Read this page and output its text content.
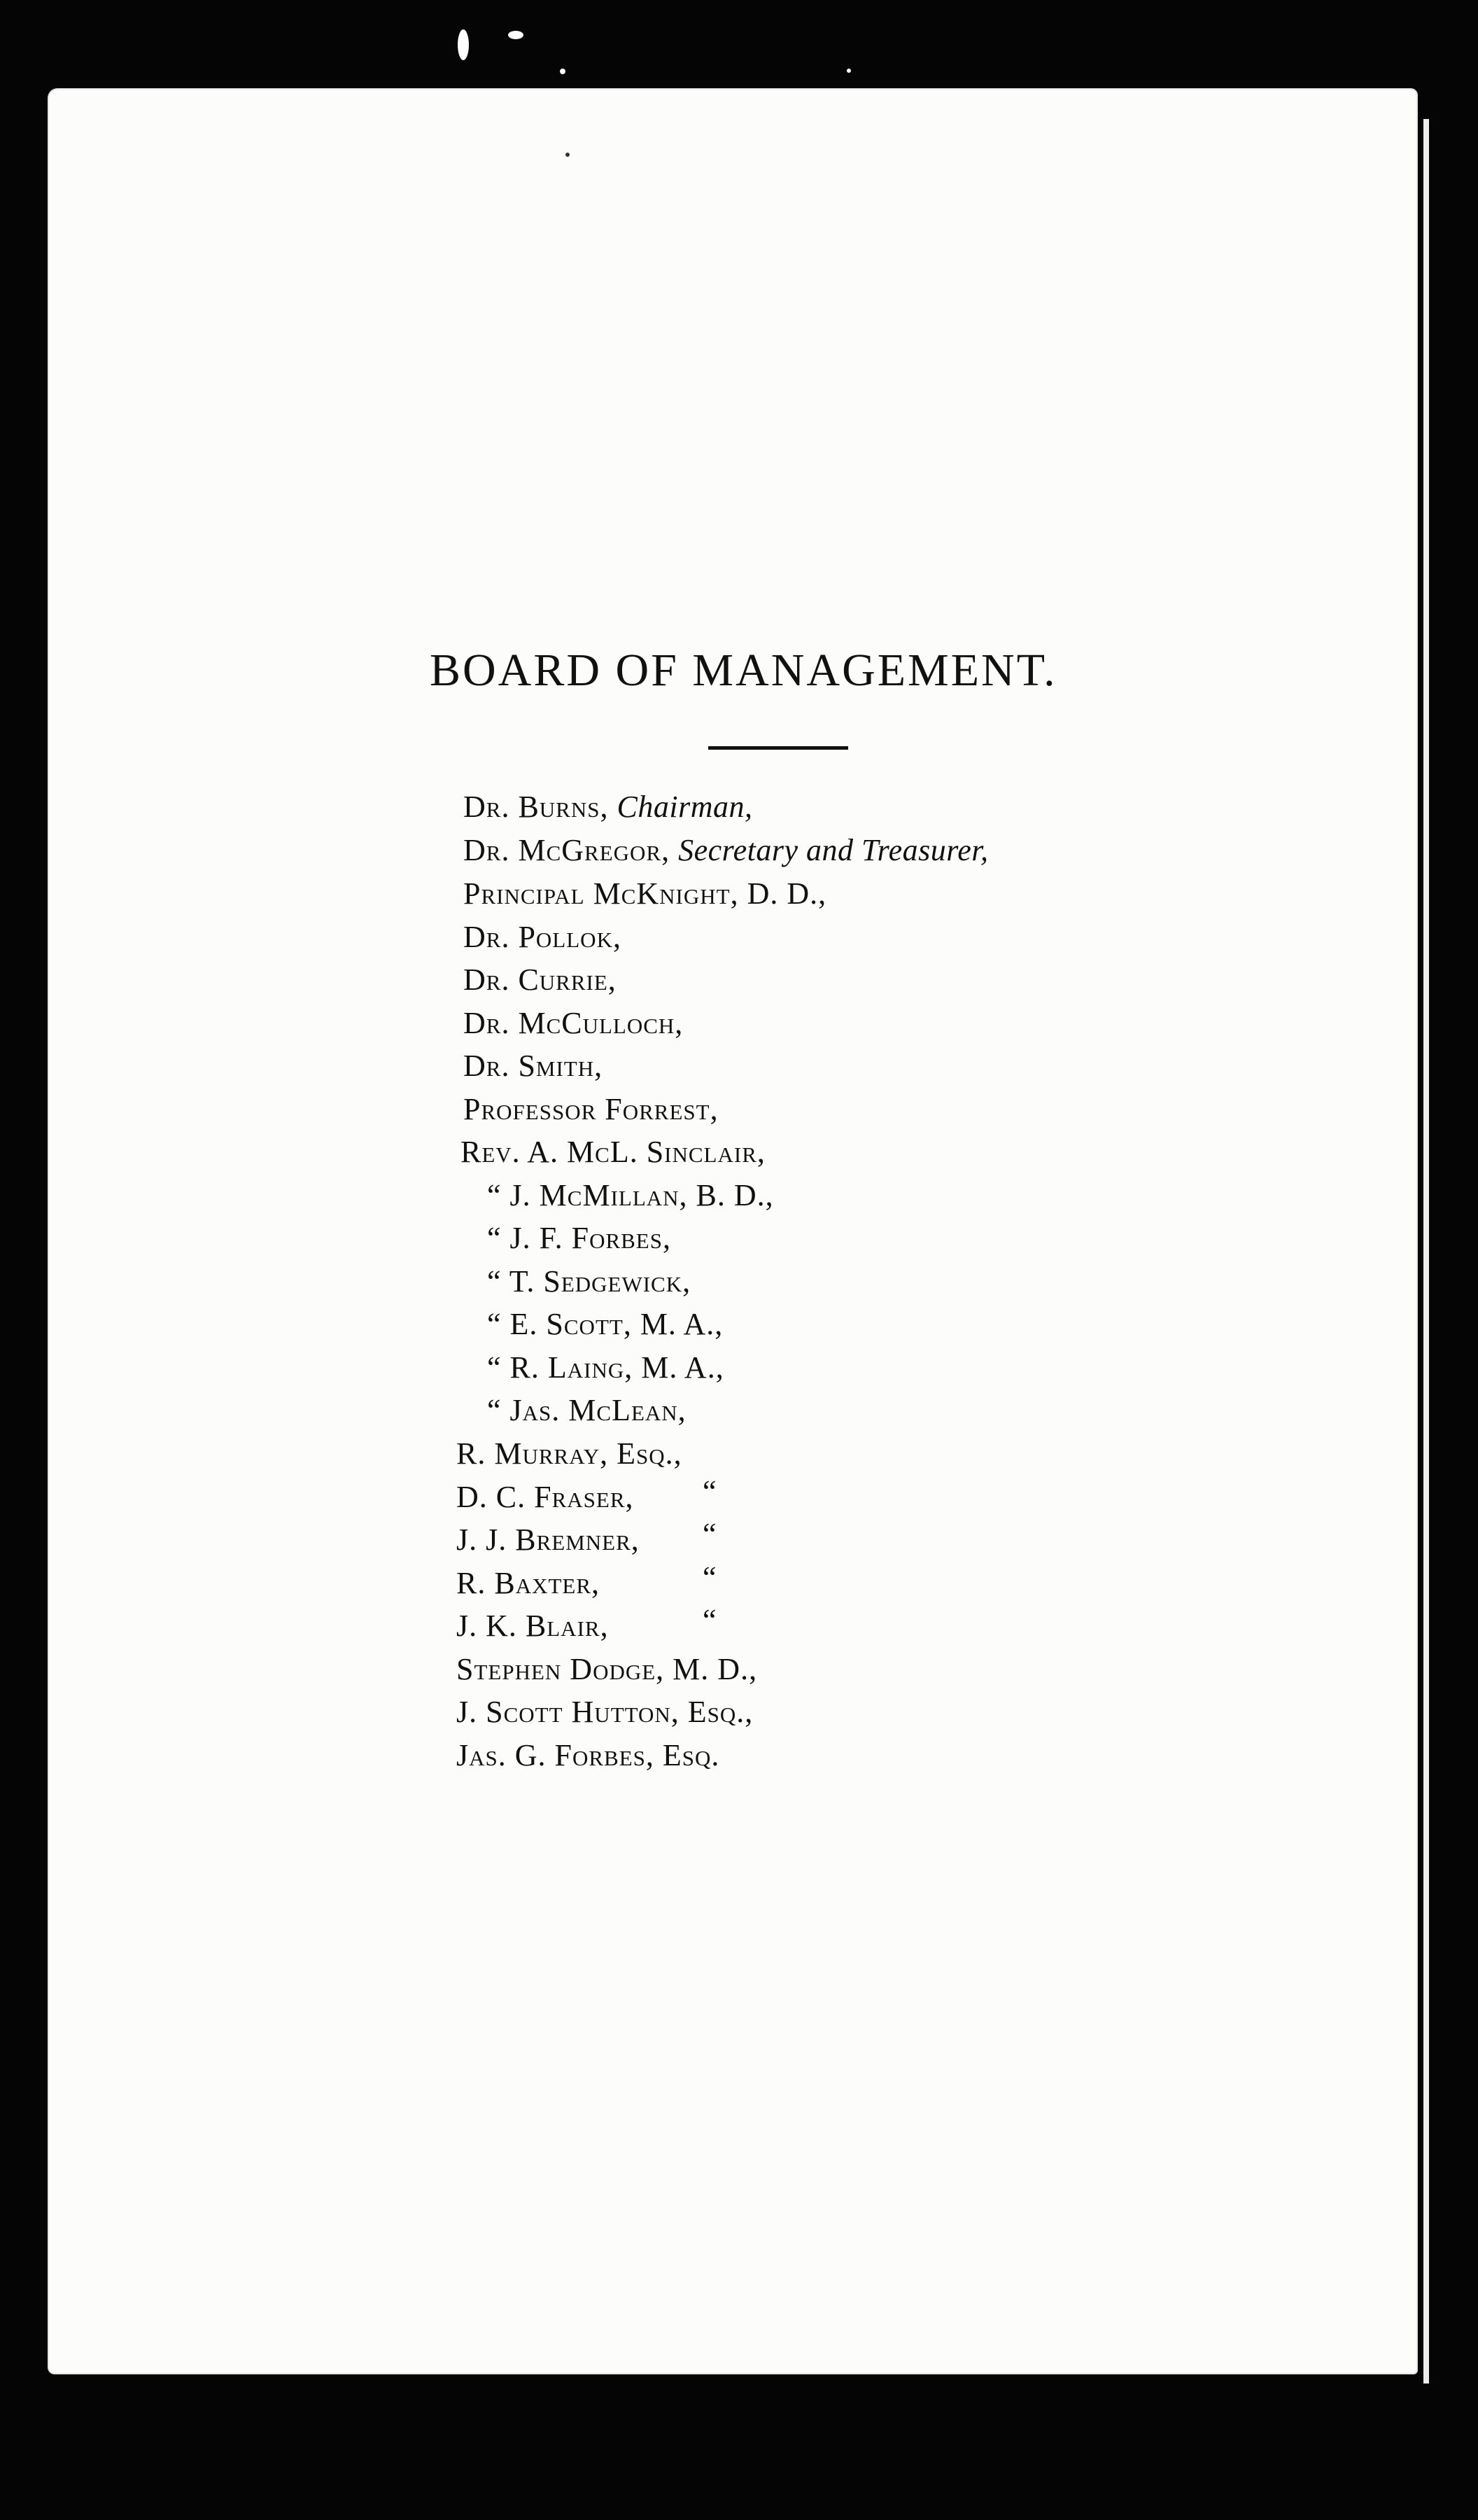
BOARD OF MANAGEMENT.
Dr. Burns, Chairman,
Dr. McGregor, Secretary and Treasurer,
Principal McKnight, D. D.,
Dr. Pollok,
Dr. Currie,
Dr. McCulloch,
Dr. Smith,
Professor Forrest,
Rev. A. McL. Sinclair,
“ J. McMillan, B. D.,
“ J. F. Forbes,
“ T. Sedgewick,
“ E. Scott, M. A.,
“ R. Laing, M. A.,
“ Jas. McLean,
R. Murray, Esq.,
D. C. Fraser, “
J. J. Bremner, “
R. Baxter,	“
J. K. Blair,	“
Stephen Dodge, M. D.,
J. Scott Hutton, Esq.,
Jas. G. Forbes, Esq.
